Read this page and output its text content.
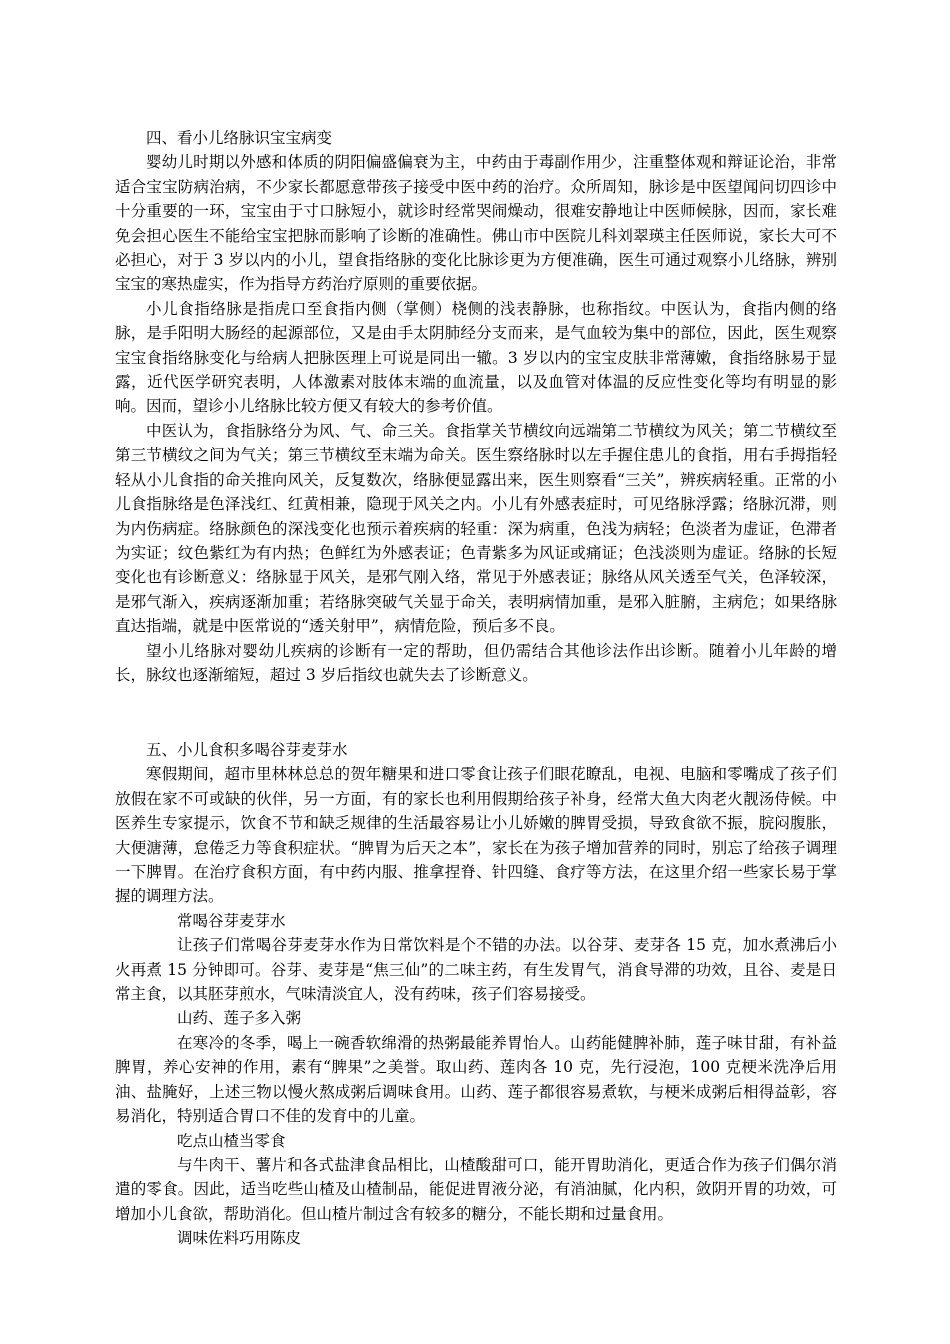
四、看小儿络脉识宝宝病变

婴幼儿时期以外感和体质的阴阳偏盛偏衰为主，中药由于毒副作用少，注重整体观和辩证论治，非常适合宝宝防病治病，不少家长都愿意带孩子接受中医中药的治疗。众所周知，脉诊是中医望闻问切四诊中十分重要的一环，宝宝由于寸口脉短小，就诊时经常哭闹燥动，很难安静地让中医师候脉，因而，家长难免会担心医生不能给宝宝把脉而影响了诊断的准确性。佛山市中医院儿科刘翠瑛主任医师说，家长大可不必担心，对于 3 岁以内的小儿，望食指络脉的变化比脉诊更为方便准确，医生可通过观察小儿络脉，辨别宝宝的寒热虚实，作为指导方药治疗原则的重要依据。

小儿食指络脉是指虎口至食指内侧（掌侧）桡侧的浅表静脉，也称指纹。中医认为，食指内侧的络脉，是手阳明大肠经的起源部位，又是由手太阴肺经分支而来，是气血较为集中的部位，因此，医生观察宝宝食指络脉变化与给病人把脉医理上可说是同出一辙。3 岁以内的宝宝皮肤非常薄嫩，食指络脉易于显露，近代医学研究表明，人体激素对肢体末端的血流量，以及血管对体温的反应性变化等均有明显的影响。因而，望诊小儿络脉比较方便又有较大的参考价值。

中医认为，食指脉络分为风、气、命三关。食指掌关节横纹向远端第二节横纹为风关；第二节横纹至第三节横纹之间为气关；第三节横纹至末端为命关。医生察络脉时以左手握住患儿的食指，用右手拇指轻轻从小儿食指的命关推向风关，反复数次，络脉便显露出来，医生则察看“三关”，辨疾病轻重。正常的小儿食指脉络是色泽浅红、红黄相兼，隐现于风关之内。小儿有外感表症时，可见络脉浮露；络脉沉滞，则为内伤病症。络脉颜色的深浅变化也预示着疾病的轻重：深为病重，色浅为病轻；色淡者为虚证，色滞者为实证；纹色紫红为有内热；色鲜红为外感表证；色青紫多为风证或痛证；色浅淡则为虚证。络脉的长短变化也有诊断意义：络脉显于风关，是邪气刚入络，常见于外感表证；脉络从风关透至气关，色泽较深，是邪气渐入，疾病逐渐加重；若络脉突破气关显于命关，表明病情加重，是邪入脏腑，主病危；如果络脉直达指端，就是中医常说的“透关射甲”，病情危险，预后多不良。

望小儿络脉对婴幼儿疾病的诊断有一定的帮助，但仍需结合其他诊法作出诊断。随着小儿年龄的增长，脉纹也逐渐缩短，超过 3 岁后指纹也就失去了诊断意义。

五、小儿食积多喝谷芽麦芽水

寒假期间，超市里林林总总的贺年糖果和进口零食让孩子们眼花瞭乱，电视、电脑和零嘴成了孩子们放假在家不可或缺的伙伴，另一方面，有的家长也利用假期给孩子补身，经常大鱼大肉老火靓汤侍候。中医养生专家提示，饮食不节和缺乏规律的生活最容易让小儿娇嫩的脾胃受损，导致食欲不振，脘闷腹胀，大便溏薄，怠倦乏力等食积症状。“脾胃为后天之本”，家长在为孩子增加营养的同时，别忘了给孩子调理一下脾胃。在治疗食积方面，有中药内服、推拿捏脊、针四缝、食疗等方法，在这里介绍一些家长易于掌握的调理方法。

常喝谷芽麦芽水

让孩子们常喝谷芽麦芽水作为日常饮料是个不错的办法。以谷芽、麦芽各 15 克，加水煮沸后小火再煮 15 分钟即可。谷芽、麦芽是“焦三仙”的二味主药，有生发胃气，消食导滞的功效，且谷、麦是日常主食，以其胚芽煎水，气味清淡宜人，没有药味，孩子们容易接受。

山药、莲子多入粥

在寒冷的冬季，喝上一碗香软绵滑的热粥最能养胃怡人。山药能健脾补肺，莲子味甘甜，有补益脾胃，养心安神的作用，素有“脾果”之美誉。取山药、莲肉各 10 克，先行浸泡，100 克梗米洗净后用油、盐腌好，上述三物以慢火熬成粥后调味食用。山药、莲子都很容易煮软，与梗米成粥后相得益彰，容易消化，特别适合胃口不佳的发育中的儿童。

吃点山楂当零食

与牛肉干、薯片和各式盐津食品相比，山楂酸甜可口，能开胃助消化，更适合作为孩子们偶尔消遣的零食。因此，适当吃些山楂及山楂制品，能促进胃液分泌，有消油腻，化内积，敛阴开胃的功效，可增加小儿食欲，帮助消化。但山楂片制过含有较多的糖分，不能长期和过量食用。

调味佐料巧用陈皮
